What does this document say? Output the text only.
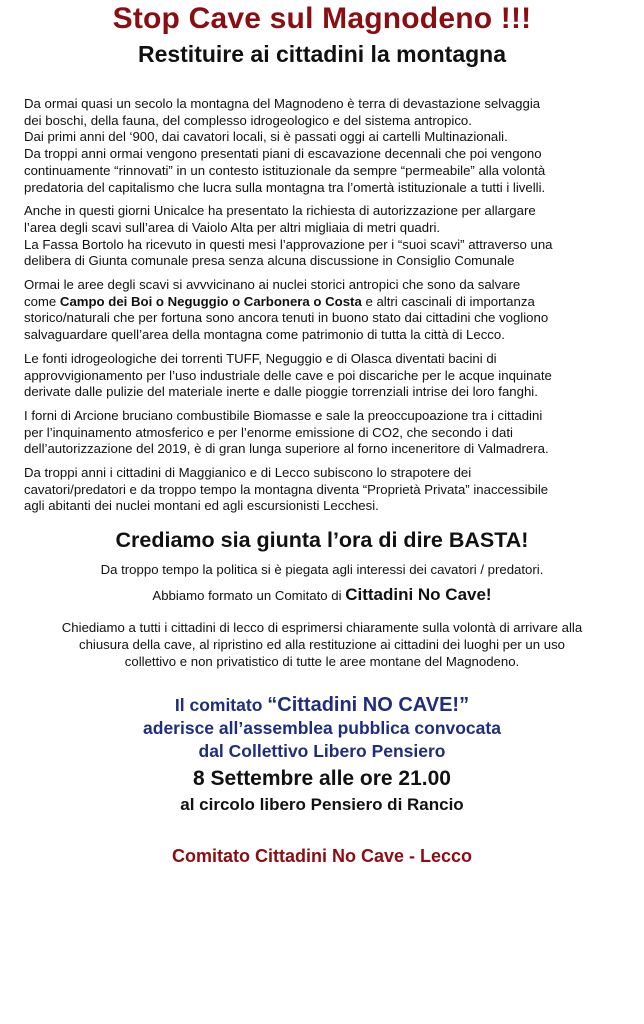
Stop Cave sul Magnodeno !!!
Restituire ai cittadini la montagna

Da ormai quasi un secolo la montagna del Magnodeno è terra di devastazione selvaggia
dei boschi, della fauna, del complesso idrogeologico e del sistema antropico.
Dai primi anni del ‘900, dai cavatori locali, si è passati oggi ai cartelli Multinazionali.
Da troppi anni ormai vengono presentati piani di escavazione decennali che poi vengono
continuamente “rinnovati” in un contesto istituzionale da sempre “permeabile” alla volontà
predatoria del capitalismo che lucra sulla montagna tra l’omertà istituzionale a tutti i livelli.

Anche in questi giorni Unicalce ha presentato la richiesta di autorizzazione per allargare
l’area degli scavi sull’area di Vaiolo Alta per altri migliaia di metri quadri.
La Fassa Bortolo ha ricevuto in questi mesi l’approvazione per i “suoi scavi” attraverso una
delibera di Giunta comunale presa senza alcuna discussione in Consiglio Comunale

Ormai le aree degli scavi si avvvicinano ai nuclei storici antropici che sono da salvare
come Campo dei Boi o Neguggio o Carbonera o Costa e altri cascinali di importanza
storico/naturali che per fortuna sono ancora tenuti in buono stato dai cittadini che vogliono
salvaguardare quell’area della montagna come patrimonio di tutta la città di Lecco.

Le fonti idrogeologiche dei torrenti TUFF, Neguggio e di Olasca diventati bacini di
approvvigionamento per l’uso industriale delle cave e poi discariche per le acque inquinate
derivate dalle pulizie del materiale inerte e dalle pioggie torrenziali intrise dei loro fanghi.

I forni di Arcione bruciano combustibile Biomasse e sale la preoccupoazione tra i cittadini
per l’inquinamento atmosferico e per l’enorme emissione di CO2, che secondo i dati
dell’autorizzazione del 2019, è di gran lunga superiore al forno inceneritore di Valmadrera.

Da troppi anni i cittadini di Maggianico e di Lecco subiscono lo strapotere dei
cavatori/predatori e da troppo tempo la montagna diventa “Proprietà Privata” inaccessibile
agli abitanti dei nuclei montani ed agli escursionisti Lecchesi.

Crediamo sia giunta l’ora di dire BASTA!
Da troppo tempo la politica si è piegata agli interessi dei cavatori / predatori.
Abbiamo formato un Comitato di Cittadini No Cave!
Chiediamo a tutti i cittadini di lecco di esprimersi chiaramente sulla volontà di arrivare alla
chiusura della cave, al ripristino ed alla restituzione ai cittadini dei luoghi per un uso
collettivo e non privatistico di tutte le aree montane del Magnodeno.
Il comitato “Cittadini NO CAVE!”
aderisce all’assemblea pubblica convocata
dal Collettivo Libero Pensiero
8 Settembre alle ore 21.00
al circolo libero Pensiero di Rancio
Comitato Cittadini No Cave - Lecco
